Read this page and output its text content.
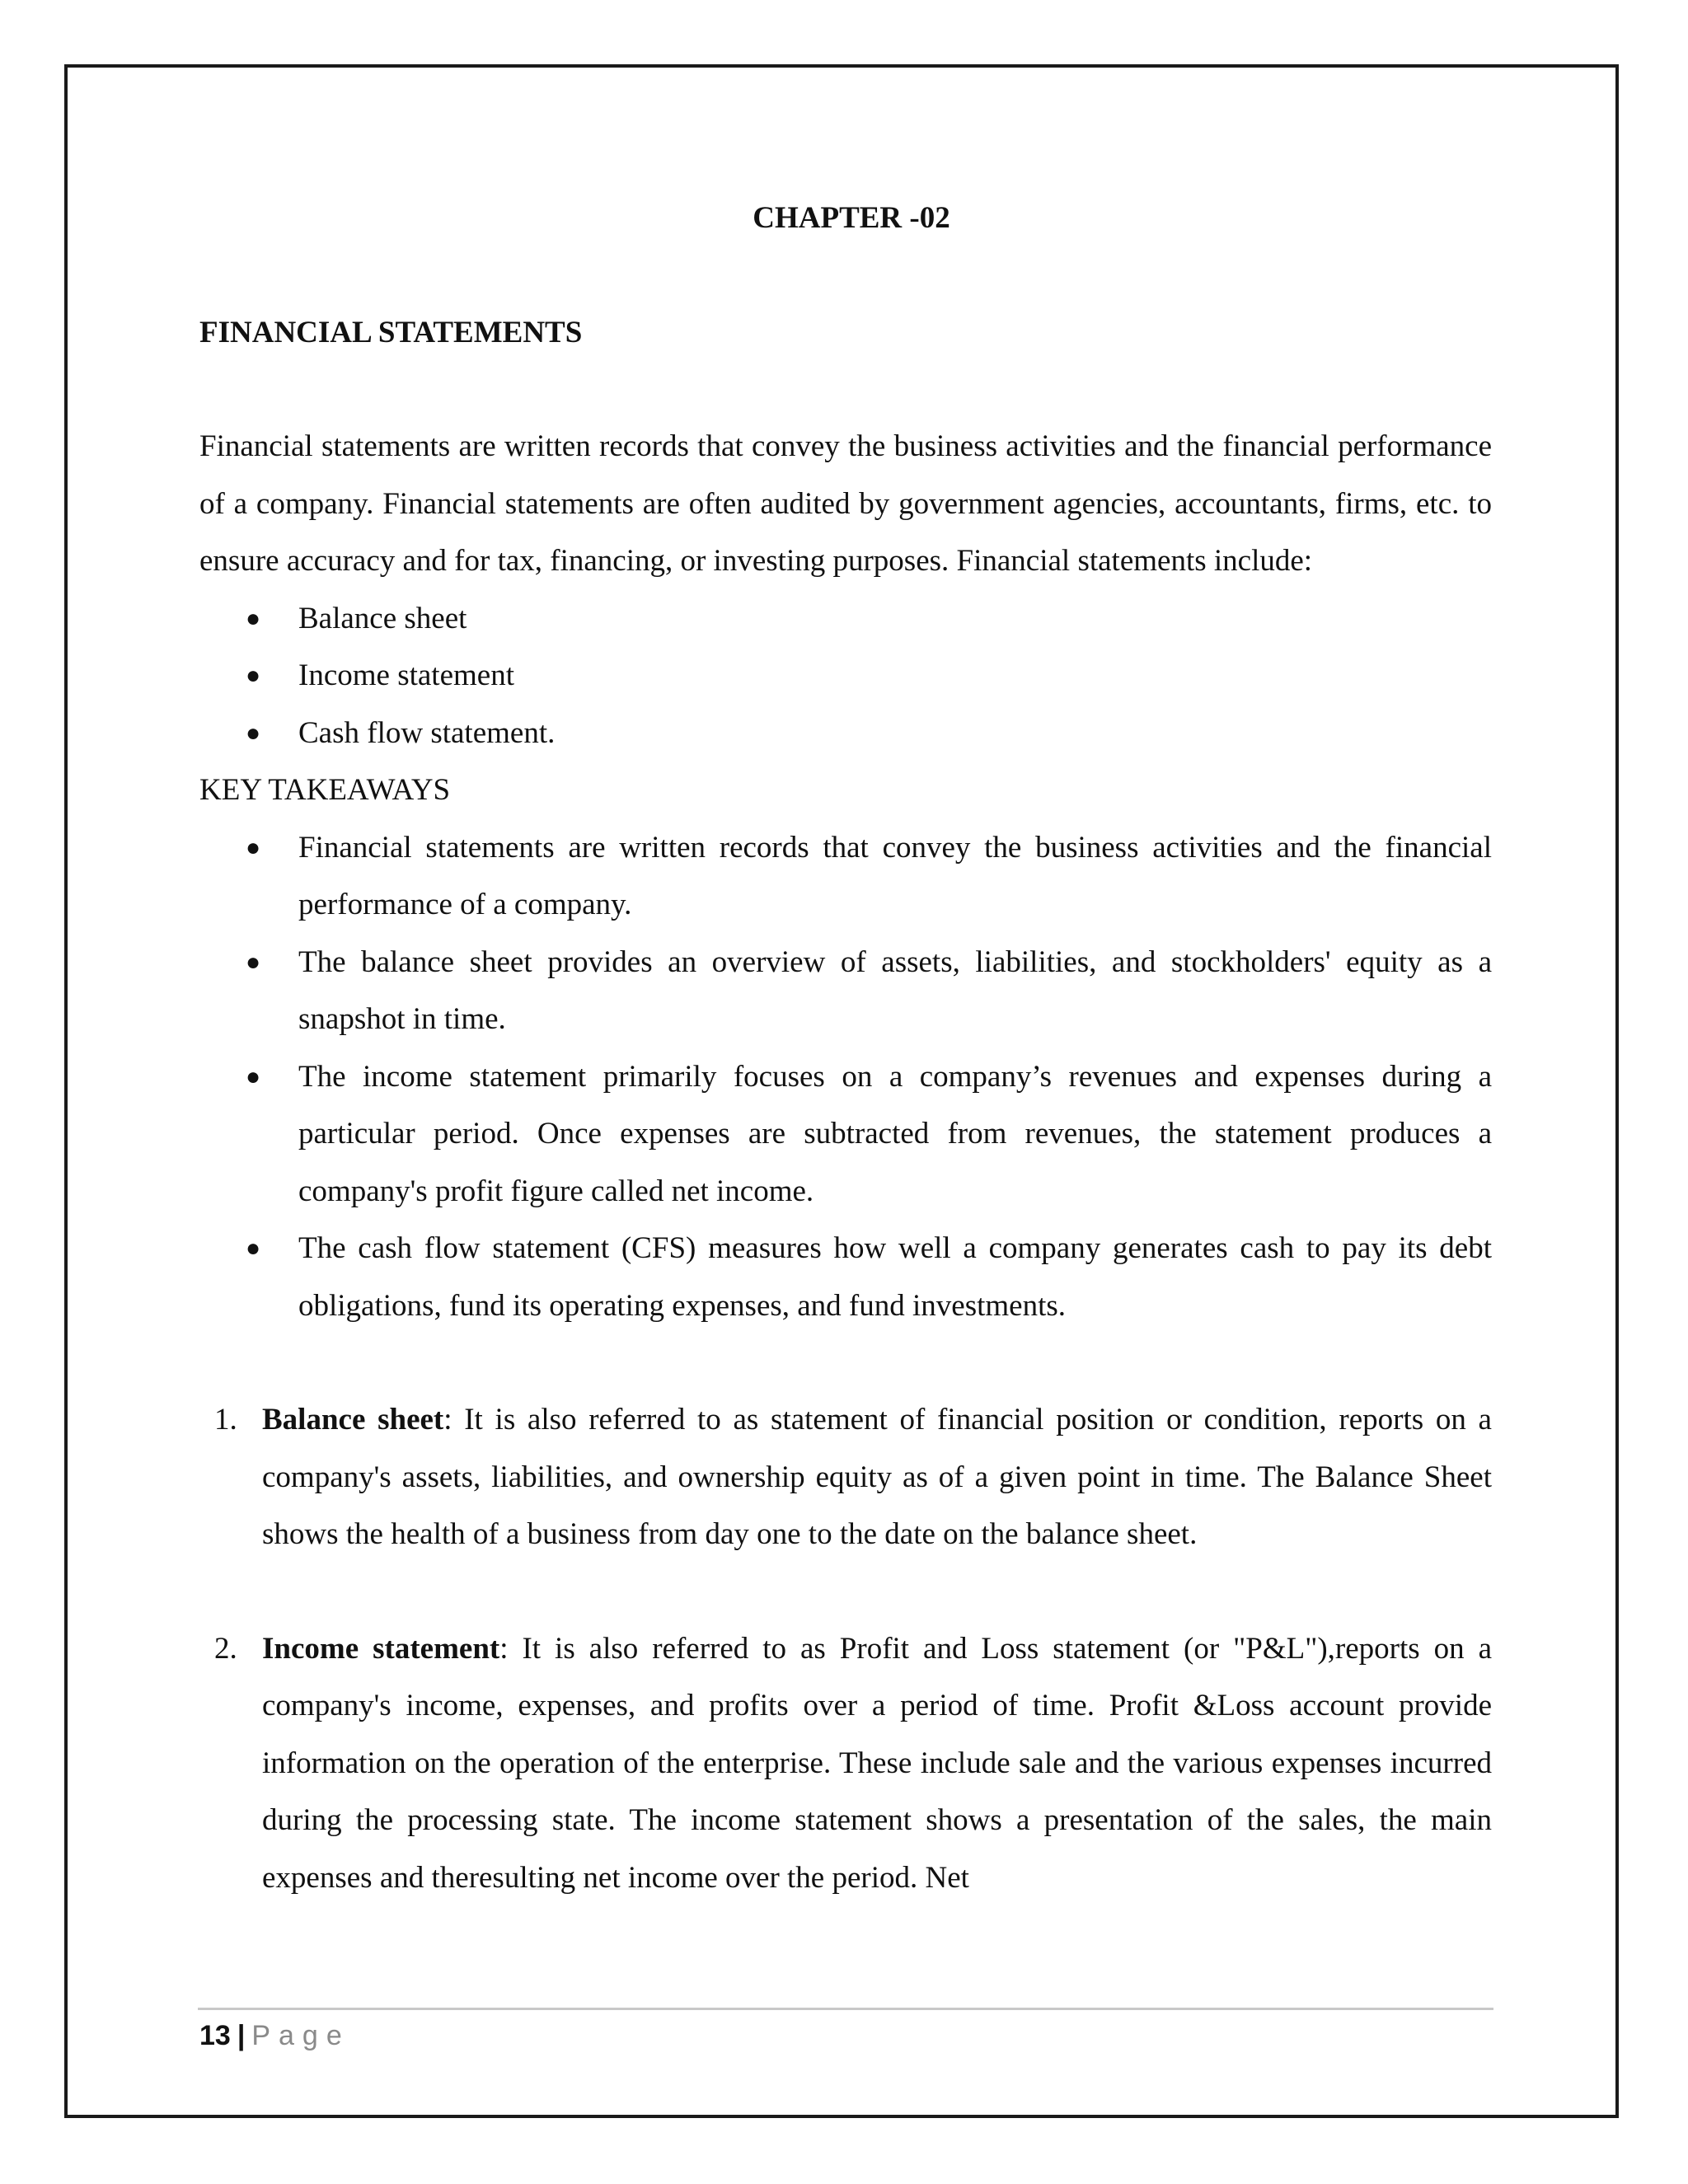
CHAPTER -02
FINANCIAL STATEMENTS

Financial statements are written records that convey the business activities and the financial performance of a company. Financial statements are often audited by government agencies, accountants, firms, etc. to ensure accuracy and for tax, financing, or investing purposes. Financial statements include:

● Balance sheet
● Income statement
● Cash flow statement.

KEY TAKEAWAYS

● Financial statements are written records that convey the business activities and the financial performance of a company.
● The balance sheet provides an overview of assets, liabilities, and stockholders' equity as a snapshot in time.
● The income statement primarily focuses on a company’s revenues and expenses during a particular period. Once expenses are subtracted from revenues, the statement produces a company's profit figure called net income.
● The cash flow statement (CFS) measures how well a company generates cash to pay its debt obligations, fund its operating expenses, and fund investments.
1. Balance sheet: It is also referred to as statement of financial position or condition, reports on a company's assets, liabilities, and ownership equity as of a given point in time. The Balance Sheet shows the health of a business from day one to the date on the balance sheet.
2. Income statement: It is also referred to as Profit and Loss statement (or "P&L"),reports on a company's income, expenses, and profits over a period of time. Profit &Loss account provide information on the operation of the enterprise. These include sale and the various expenses incurred during the processing state. The income statement shows a presentation of the sales, the main expenses and theresulting net income over the period. Net
13 | Page
